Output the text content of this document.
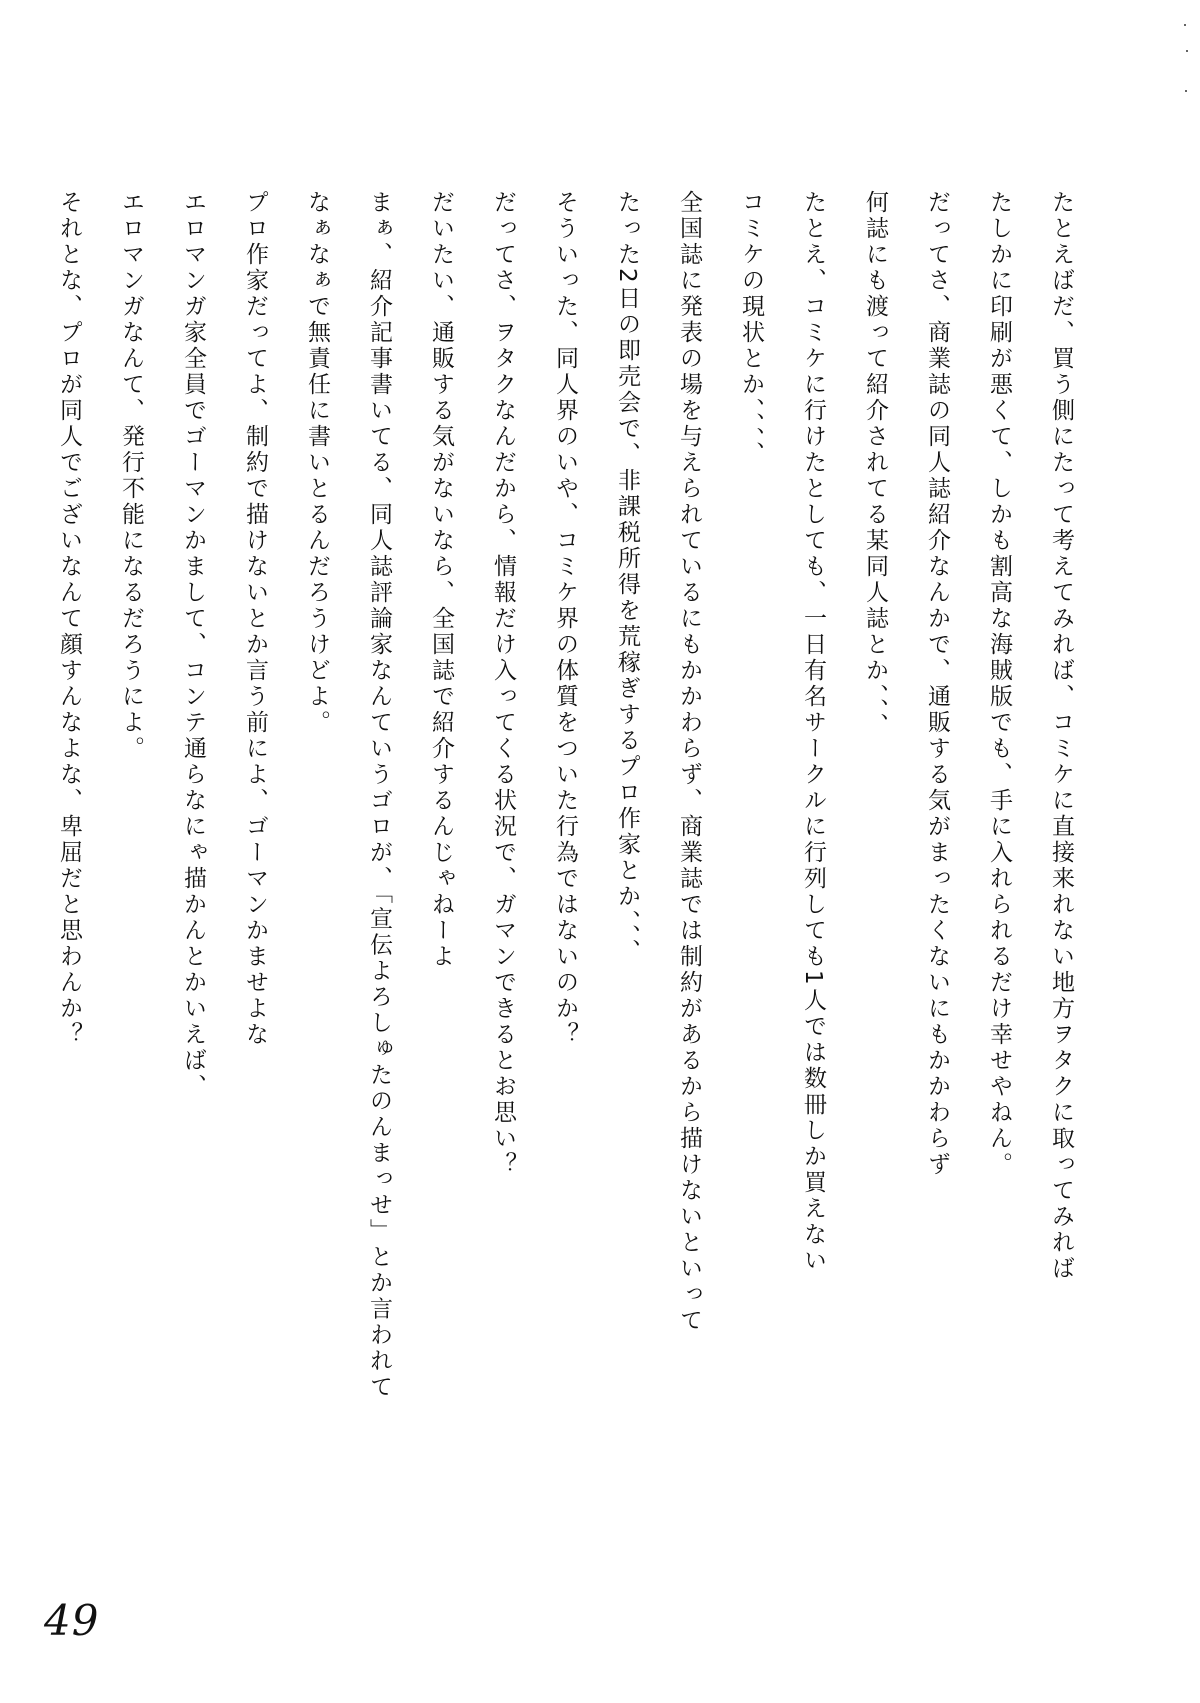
たとえばだ、買う側にたって考えてみれば、コミケに直接来れない地方ヲタクに取ってみれば
たしかに印刷が悪くて、しかも割高な海賊版でも、手に入れられるだけ幸せやねん。
だってさ、商業誌の同人誌紹介なんかで、通販する気がまったくないにもかかわらず
何誌にも渡って紹介されてる某同人誌とか、、、
たとえ、コミケに行けたとしても、一日有名サークルに行列しても1人では数冊しか買えない
コミケの現状とか、、、、
全国誌に発表の場を与えられているにもかかわらず、商業誌では制約があるから描けないといって
たった2日の即売会で、非課税所得を荒稼ぎするプロ作家とか、、、
そういった、同人界のいや、コミケ界の体質をついた行為ではないのか？
だってさ、ヲタクなんだから、情報だけ入ってくる状況で、ガマンできるとお思い？
だいたい、通販する気がないなら、全国誌で紹介するんじゃねーよ
まぁ、紹介記事書いてる、同人誌評論家なんていうゴロが、「宣伝よろしゅたのんまっせ」とか言われて
なぁなぁで無責任に書いとるんだろうけどよ。
プロ作家だってよ、制約で描けないとか言う前によ、ゴーマンかませよな
エロマンガ家全員でゴーマンかまして、コンテ通らなにゃ描かんとかいえば、
エロマンガなんて、発行不能になるだろうによ。
それとな、プロが同人でございなんて顔すんなよな、卑屈だと思わんか？
49
